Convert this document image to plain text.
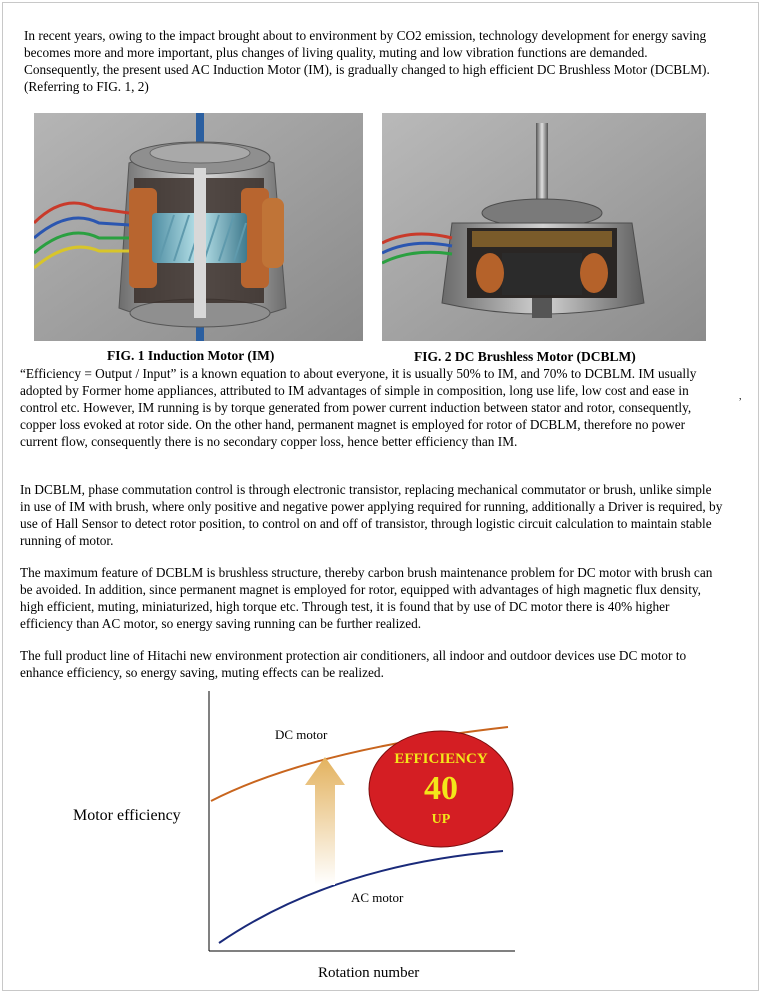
In recent years, owing to the impact brought about to environment by CO2 emission, technology development for energy saving becomes more and more important, plus changes of living quality, muting and low vibration functions are demanded. Consequently, the present used AC Induction Motor (IM), is gradually changed to high efficient DC Brushless Motor (DCBLM). (Referring to FIG. 1, 2)

FIG. 1 Induction Motor (IM)	FIG. 2 DC Brushless Motor (DCBLM)

“Efficiency = Output / Input” is a known equation to about everyone, it is usually 50% to IM, and 70% to DCBLM. IM usually adopted by Former home appliances, attributed to IM advantages of simple in composition, long use life, low cost and ease in control etc. However, IM running is by torque generated from power current induction between stator and rotor, consequently, copper loss evoked at rotor side. On the other hand, permanent magnet is employed for rotor of DCBLM, therefore no power current flow, consequently there is no secondary copper loss, hence better efficiency than IM.

,

In DCBLM, phase commutation control is through electronic transistor, replacing mechanical commutator or brush, unlike simple in use of IM with brush, where only positive and negative power applying required for running, additionally a Driver is required, by use of Hall Sensor to detect rotor position, to control on and off of transistor, through logistic circuit calculation to maintain stable running of motor.

The maximum feature of DCBLM is brushless structure, thereby carbon brush maintenance problem for DC motor with brush can be avoided. In addition, since permanent magnet is employed for rotor, equipped with advantages of high magnetic flux density, high efficient, muting, miniaturized, high torque etc. Through test, it is found that by use of DC motor there is 40% higher efficiency than AC motor, so energy saving running can be further realized.

The full product line of Hitachi new environment protection air conditioners, all indoor and outdoor devices use DC motor to enhance efficiency, so energy saving, muting effects can be realized.

DC motor
AC motor
Motor efficiency
Rotation number
EFFICIENCY
40
UP
